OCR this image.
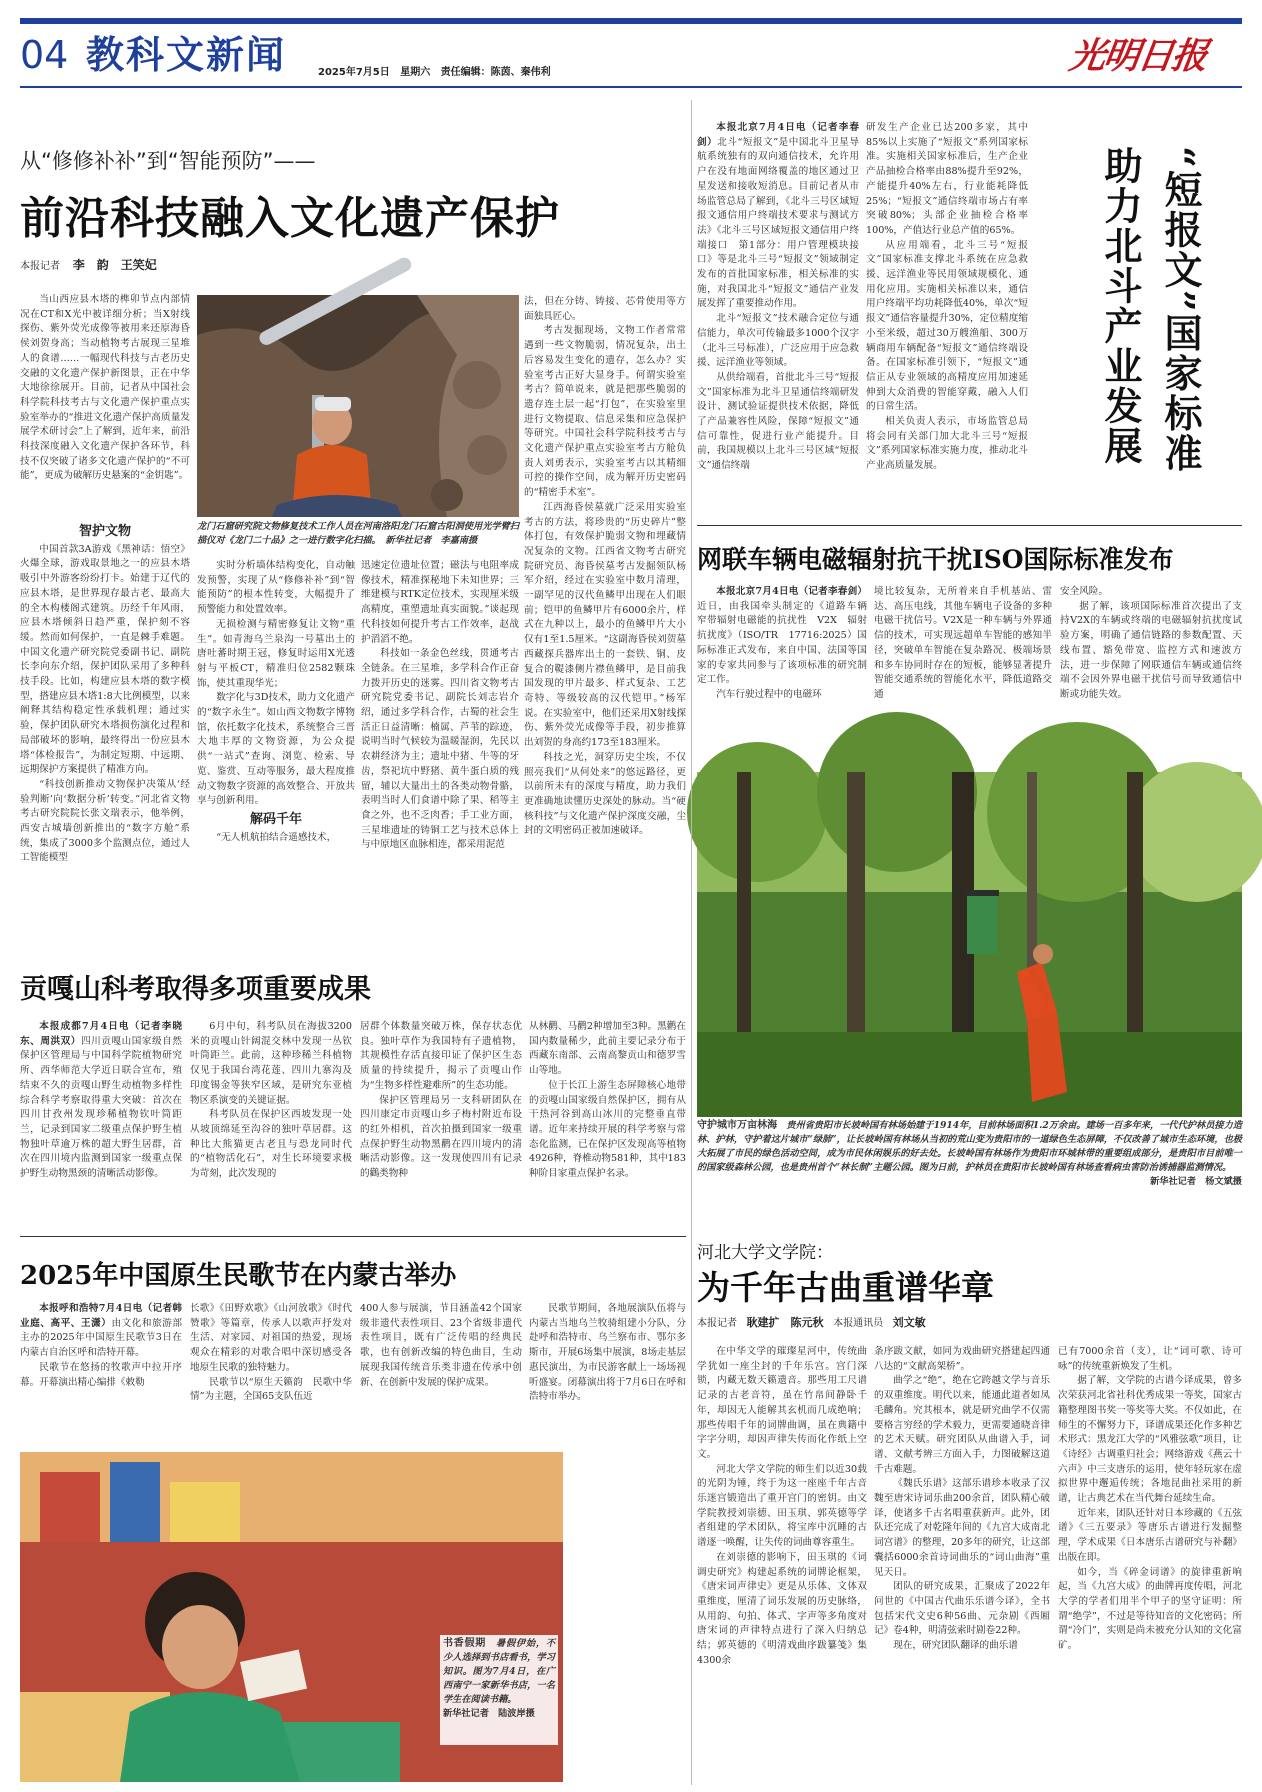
04 教科文新闻	2025年7月5日 星期六 责任编辑：陈茵、秦伟利	光明日报
从“修修补补”到“智能预防”——
前沿科技融入文化遗产保护
本报记者 李　韵　王笑妃

当山西应县木塔的榫卯节点内部情况在CT和X光中被详细分析；当X射线探伤、紫外荧光成像等被用来还原海昏侯刘贺身高；当动植物考古展现三星堆人的食谱……一幅现代科技与古老历史交融的文化遗产保护新图景，正在中华大地徐徐展开。目前，记者从中国社会科学院科技考古与文化遗产保护重点实验室举办的“推进文化遗产保护高质量发展学术研讨会”上了解到，近年来，前沿科技深度融入文化遗产保护各环节，科技不仅突破了诸多文化遗产保护的“不可能”，更成为破解历史悬案的“金钥匙”。

智护文物

中国首款3A游戏《黑神话：悟空》火爆全球，游戏取景地之一的应县木塔吸引中外游客纷纷打卡。始建于辽代的应县木塔，是世界现存最古老、最高大的全木构楼阁式建筑。历经千年风雨，应县木塔倾斜日趋严重，保护刻不容缓。然而如何保护，一直是棘手难题。中国文化遗产研究院党委副书记、副院长李向东介绍，保护团队采用了多种科技手段。比如，构建应县木塔的数字模型，搭建应县木塔1:8大比例模型，以来阐释其结构稳定性承载机理；通过实验，保护团队研究木塔损伤演化过程和局部破坏的影响，最终得出一份应县木塔“体检报告”，为制定短期、中远期、远期保护方案提供了精准方向。

“科技创新推动文物保护决策从‘经验判断’向‘数据分析’转变。”河北省文物考古研究院院长张文瑞表示，他举例，西安古城墙创新推出的“数字方舱”系统，集成了3000多个监测点位，通过人工智能模型

龙门石窟研究院文物修复技术工作人员在河南洛阳龙门石窟古阳洞使用光学臂扫描仪对《龙门二十品》之一进行数字化扫描。　新华社记者　李嘉南摄

实时分析墙体结构变化，自动触发预警，实现了从“修修补补”到“智能预防”的根本性转变，大幅提升了预警能力和处置效率。

无损检测与精密修复让文物“重生”。如青海乌兰泉沟一号墓出土的唐吐蕃时期王冠，修复时运用X光透射与平板CT，精准归位2582颗珠饰，使其重现华光；

数字化与3D技术，助力文化遗产的“数字永生”。如山西文物数字博物馆，依托数字化技术，系统整合三晋大地丰厚的文物资源，为公众提供“一站式”查询、浏览、检索、导览、鉴赏、互动等服务，最大程度推动文物数字资源的高效整合、开放共享与创新利用。

解码千年

“无人机航拍结合遥感技术，

迅速定位遗址位置；磁法与电阻率成像技术，精准探秘地下未知世界；三维建模与RTK定位技术，实现厘米级高精度，重塑遗址真实面貌。”谈起现代科技如何提升考古工作效率，赵战护滔滔不绝。

科技如一条金色丝线，贯通考古全链条。在三星堆，多学科合作正奋力拨开历史的迷雾。四川省文物考古研究院党委书记、副院长刘志岩介绍，通过多学科合作，古蜀的社会生活正日益清晰：楠属、芦苇的踪迹，说明当时气候较为温暖湿润，先民以农耕经济为主；遗址中猪、牛等的牙齿，祭祀坑中野猪、黄牛蛋白质的残留，辅以大量出土的各类动物骨骼，表明当时人们食谱中除了果、稻等主食之外，也不乏肉香；手工业方面，三星堆遗址的铸铜工艺与技术总体上与中原地区血脉相连，都采用泥范

法，但在分铸、铸接、芯骨使用等方面独具匠心。

考古发掘现场，文物工作者常常遇到一些文物脆弱，情况复杂，出土后容易发生变化的遗存，怎么办？实验室考古正好大显身手。何谓实验室考古？简单说来，就是把那些脆弱的遗存连土层一起“打包”，在实验室里进行文物提取、信息采集和应急保护等研究。中国社会科学院科技考古与文化遗产保护重点实验室考古方舱负责人刘勇表示，实验室考古以其精细可控的操作空间，成为解开历史密码的“精密手术室”。

江西海昏侯墓就广泛采用实验室考古的方法，将珍贵的“历史碎片”整体打包，有效保护脆弱文物和埋藏情况复杂的文物。江西省文物考古研究院研究员、海昏侯墓考古发掘领队杨军介绍，经过在实验室中数月清理，一副罕见的汉代鱼鳞甲出现在人们眼前；铠甲的鱼鳞甲片有6000余片，样式在九种以上，最小的鱼鳞甲片大小仅有1至1.5厘米。“这副海昏侯刘贺墓西藏探兵器库出土的一套铁、铜、皮复合的鞮漆侧片襟鱼鳞甲，是目前我国发现的甲片最多、样式复杂、工艺奇特、等级较高的汉代铠甲。”杨军说。在实验室中，他们还采用X射线探伤、紫外荧光成像等手段，初步推算出刘贺的身高约173至183厘米。

科技之光，洞穿历史尘埃，不仅照亮我们“从何处来”的悠远路径，更以前所未有的深度与精度，助力我们更准确地读懂历史深处的脉动。当“硬核科技”与文化遗产保护深度交融，尘封的文明密码正被加速破译。

本报北京7月4日电（记者李春剑）北斗“短报文”是中国北斗卫星导航系统独有的双向通信技术，允许用户在没有地面网络覆盖的地区通过卫星发送和接收短消息。目前记者从市场监管总局了解到，《北斗三号区域短报文通信用户终端技术要求与测试方法》《北斗三号区域短报文通信用户终端接口　第1部分：用户管理模块接口》等是北斗三号“短报文”领域制定发布的首批国家标准，相关标准的实施，对我国北斗“短报文”通信产业发展发挥了重要推动作用。

北斗“短报文”技术融合定位与通信能力，单次可传输最多1000个汉字（北斗三号标准），广泛应用于应急救援、远洋渔业等领域。

从供给端看，首批北斗三号“短报文”国家标准为北斗卫星通信终端研发设计、测试验证提供技术依据，降低了产品兼容性风险，保障“短报文”通信可靠性，促进行业产能提升。目前，我国规模以上北斗三号区域“短报文”通信终端

研发生产企业已达200多家，其中85%以上实施了“短报文”系列国家标准。实施相关国家标准后，生产企业产品抽检合格率由88%提升至92%，产能提升40%左右，行业能耗降低25%；“短报文”通信终端市场占有率突破80%；头部企业抽检合格率100%，产值达行业总产值的65%。

从应用端看，北斗三号“短报文”国家标准支撑北斗系统在应急救援、远洋渔业等民用领域规模化、通用化应用。实施相关标准以来，通信用户终端平均功耗降低40%，单次“短报文”通信容量提升30%，定位精度缩小至米级，超过30万艘渔船、300万辆商用车辆配备“短报文”通信终端设备。在国家标准引领下，“短报文”通信正从专业领域的高精度应用加速延伸到大众消费的智能穿戴，融入人们的日常生活。

相关负责人表示，市场监管总局将会同有关部门加大北斗三号“短报文”系列国家标准实施力度，推动北斗产业高质量发展。	“短报文”国家标准助力北斗产业发展
网联车辆电磁辐射抗干扰ISO国际标准发布

本报北京7月4日电（记者李春剑）近日，由我国牵头制定的《道路车辆　窄带辐射电磁能的抗扰性　V2X　辐射抗扰度》（ISO/TR　17716:2025）国际标准正式发布，来自中国、法国等国家的专家共同参与了该项标准的研究制定工作。

汽车行驶过程中的电磁环

境比较复杂，无所着来自手机基站、雷达、高压电线，其他车辆电子设备的多种电磁干扰信号。V2X是一种车辆与外界通信的技术，可实现远超单车智能的感知半径，突破单车智能在复杂路况、极端场景和多车协同时存在的短板，能够显著提升智能交通系统的智能化水平，降低道路交通

安全风险。

据了解，该项国际标准首次提出了支持V2X的车辆或终端的电磁辐射抗扰度试验方案，明确了通信链路的参数配置、天线布置、豁免带宽、监控方式和速波方法，进一步保障了网联通信车辆或通信终端不会因外界电磁干扰信号而导致通信中断或功能失效。

守护城市万亩林海　贵州省贵阳市长坡岭国有林场始建于1914年，目前林场面积1.2万余亩。建场一百多年来，一代代护林员接力造林、护林，守护着这片城市“绿肺”，让长坡岭国有林场从当初的荒山变为贵阳市的一道绿色生态屏障，不仅改善了城市生态环境，也极大拓展了市民的绿色活动空间，成为市民休闲娱乐的好去处。长坡岭国有林场作为贵阳市环城林带的重要组成部分，是贵阳市目前唯一的国家级森林公园，也是贵州首个“林长制”主题公园。图为日前，护林员在贵阳市长坡岭国有林场查看病虫害防治诱捕器监测情况。

新华社记者　杨文斌摄
贡嘎山科考取得多项重要成果

本报成都7月4日电（记者李晓东、周洪双）四川贡嘎山国家级自然保护区管理局与中国科学院植物研究所、西华师范大学近日联合宣布，殖结束不久的贡嘎山野生动植物多样性综合科学考察取得重大突破：首次在四川甘孜州发现珍稀植物钦叶筒距兰，记录到国家二级重点保护野生植物独叶草逾万株的超大野生居群，首次在四川境内监测到国家一级重点保护野生动物黑颈的清晰活动影像。

6月中旬，科考队员在海拔3200米的贡嘎山针阔混交林中发现一丛钦叶筒距兰。此前，这种珍稀兰科植物仅见于我国台湾花莲、四川九寨沟及印度锡金等狭窄区域，是研究东亚植物区系演变的关键证据。

科考队员在保护区西坡发现一处从坡顶绵延至沟谷的独叶草居群。这种比大熊猫更古老且与恐龙同时代的“植物活化石”，对生长环境要求极为苛刻，此次发现的

居群个体数量突破万株，保存状态优良。独叶草作为我国特有子遗植物，其规模性存活直接印证了保护区生态质量的持续提升，揭示了贡嘎山作为“生物多样性避难所”的生态功能。

保护区管理局另一支科研团队在四川康定市贡嘎山乡子梅村附近布设的红外相机，首次拍摄到国家一级重点保护野生动物黑鹳在四川境内的清晰活动影像。这一发现使四川有记录的鸛类物种

从林鹳、马鹳2种增加至3种。黑鹳在国内数量稀少，此前主要记录分布于西藏东南部、云南高黎贡山和德罗雪山等地。

位于长江上游生态屏障核心地带的贡嘎山国家级自然保护区，拥有从干热河谷到高山冰川的完整垂直带谱。近年来持续开展的科学考察与常态化监测，已在保护区发现高等植物4926种，脊椎动物581种，其中183种阶目家重点保护名录。

2025年中国原生民歌节在内蒙古举办

本报呼和浩特7月4日电（记者韩业庭、高平、王潇）由文化和旅游部主办的2025年中国原生民歌节3日在内蒙古自治区呼和浩特开幕。

民歌节在悠扬的牧歌声中拉开序幕。开幕演出精心编排《敕勒

长歌》《田野欢歌》《山河放歌》《时代赞歌》等篇章，传承人以歌声抒发对生活、对家园、对祖国的热爱，现场观众在精彩的对歌合唱中深切感受各地原生民歌的独特魅力。

民歌节以“原生天籁韵　民歌中华情”为主题，全国65支队伍近

400人参与展演，节目涵盖42个国家级非遗代表性项目、23个省级非遗代表性项目，既有广泛传唱的经典民歌，也有创新改编的特色曲目，生动展现我国传统音乐类非遗在传承中创新、在创新中发展的保护成果。

民歌节期间，各地展演队伍将与内蒙古当地乌兰牧骑组建小分队，分赴呼和浩特市、乌兰察布市、鄂尔多斯市，开展6场集中展演，8场走基层惠民演出，为市民游客献上一场场视听盛宴。闭幕演出将于7月6日在呼和浩特市举办。

书香假期　暑假伊始，不少人选择到书店看书，学习知识。图为7月4日，在广西南宁一家新华书店，一名学生在阅读书籍。
新华社记者　陆波岸摄
河北大学文学院：
为千年古曲重谱华章
本报记者 耿建扩　陈元秋 本报通讯员 刘文敏

在中华文学的璀璨星河中，传统曲学犹如一座尘封的千年乐宫。宫门深锁，内藏无数天籁遗音。那些用工尺谱记录的古老音符，虽在竹帛间静卧千年，却因无人能解其玄机而几成绝响；那些传唱千年的词牌曲调，虽在典籍中字字分明，却因声律失传而化作纸上空文。

河北大学文学院的师生们以近30载的光阴为锤，终于为这一座座千年古音乐迷宫锻造出了重开宫门的密钥。由文学院教授刘崇德、田玉琪、郭英德等学者组建的学术团队，将宝库中沉睡的古谱逐一唤醒，让失传的词曲尊容重生。

在刘崇德的影响下，田玉琪的《词调史研究》构建起系统的词牌论框架，《唐宋词声律史》更是从乐体、文体双重维度，厘清了词乐发展的历史脉络，从用韵、句拍、体式、字声等多角度对唐宋词的声律特点进行了深入归纳总结；郭英德的《明清戏曲序跋纂笺》集4300余

条序跋文献，如同为戏曲研究搭建起四通八达的“文献高架桥”。

曲学之“绝”，绝在它跨越文学与音乐的双重维度。明代以来，能通此道者如凤毛麟角。究其根本，就是研究曲学不仅需要格言穷经的学术毅力，更需要通晓音律的艺术天赋。研究团队从曲谱入手，词谱、文献考辨三方面入手，力图破解这道千古难题。

《魏氏乐谱》这部乐谱珍本收录了汉魏至唐宋诗词乐曲200余首，团队精心破译，使诸多千古名唱重获新声。此外，团队还完成了对乾隆年间的《九宫大成南北词宫谱》的整理，20多年的研究，让这部囊括6000余首诗词曲乐的“词山曲海”重见天日。

团队的研究成果，汇聚成了2022年问世的《中国古代曲乐乐谱今译》，全书包括宋代文史6种56曲、元杂剧《西厢记》卷4种，明清弦索时剧卷22种。

现在，研究团队翻译的曲乐谱

已有7000余首（支），让“词可歌、诗可咏”的传统重新焕发了生机。

据了解，文学院的古谱今译成果，曾多次荣获河北省社科优秀成果一等奖，国家古籍整理图书奖一等奖等大奖。不仅如此，在师生的不懈努力下，译谱成果还化作多种艺术形式：黑龙江大学的“风雅弦歌”项目，让《诗经》古调重归社会；网络游戏《燕云十六声》中三支唐乐的运用，使年轻玩家在虚拟世界中邂逅传统；各地昆曲社采用的新谱，让古典艺术在当代舞台延续生命。

近年来，团队还针对日本珍藏的《五弦谱》《三五要录》等唐乐古谱进行发掘整理，学术成果《日本唐乐古谱研究与补翻》出版在即。

如今，当《碎金词谱》的旋律重新响起，当《九宫大成》的曲牌再度传唱，河北大学的学者们用半个甲子的坚守证明：所谓“绝学”，不过是等待知音的文化密码；所谓“冷门”，实则是尚未被充分认知的文化富矿。
